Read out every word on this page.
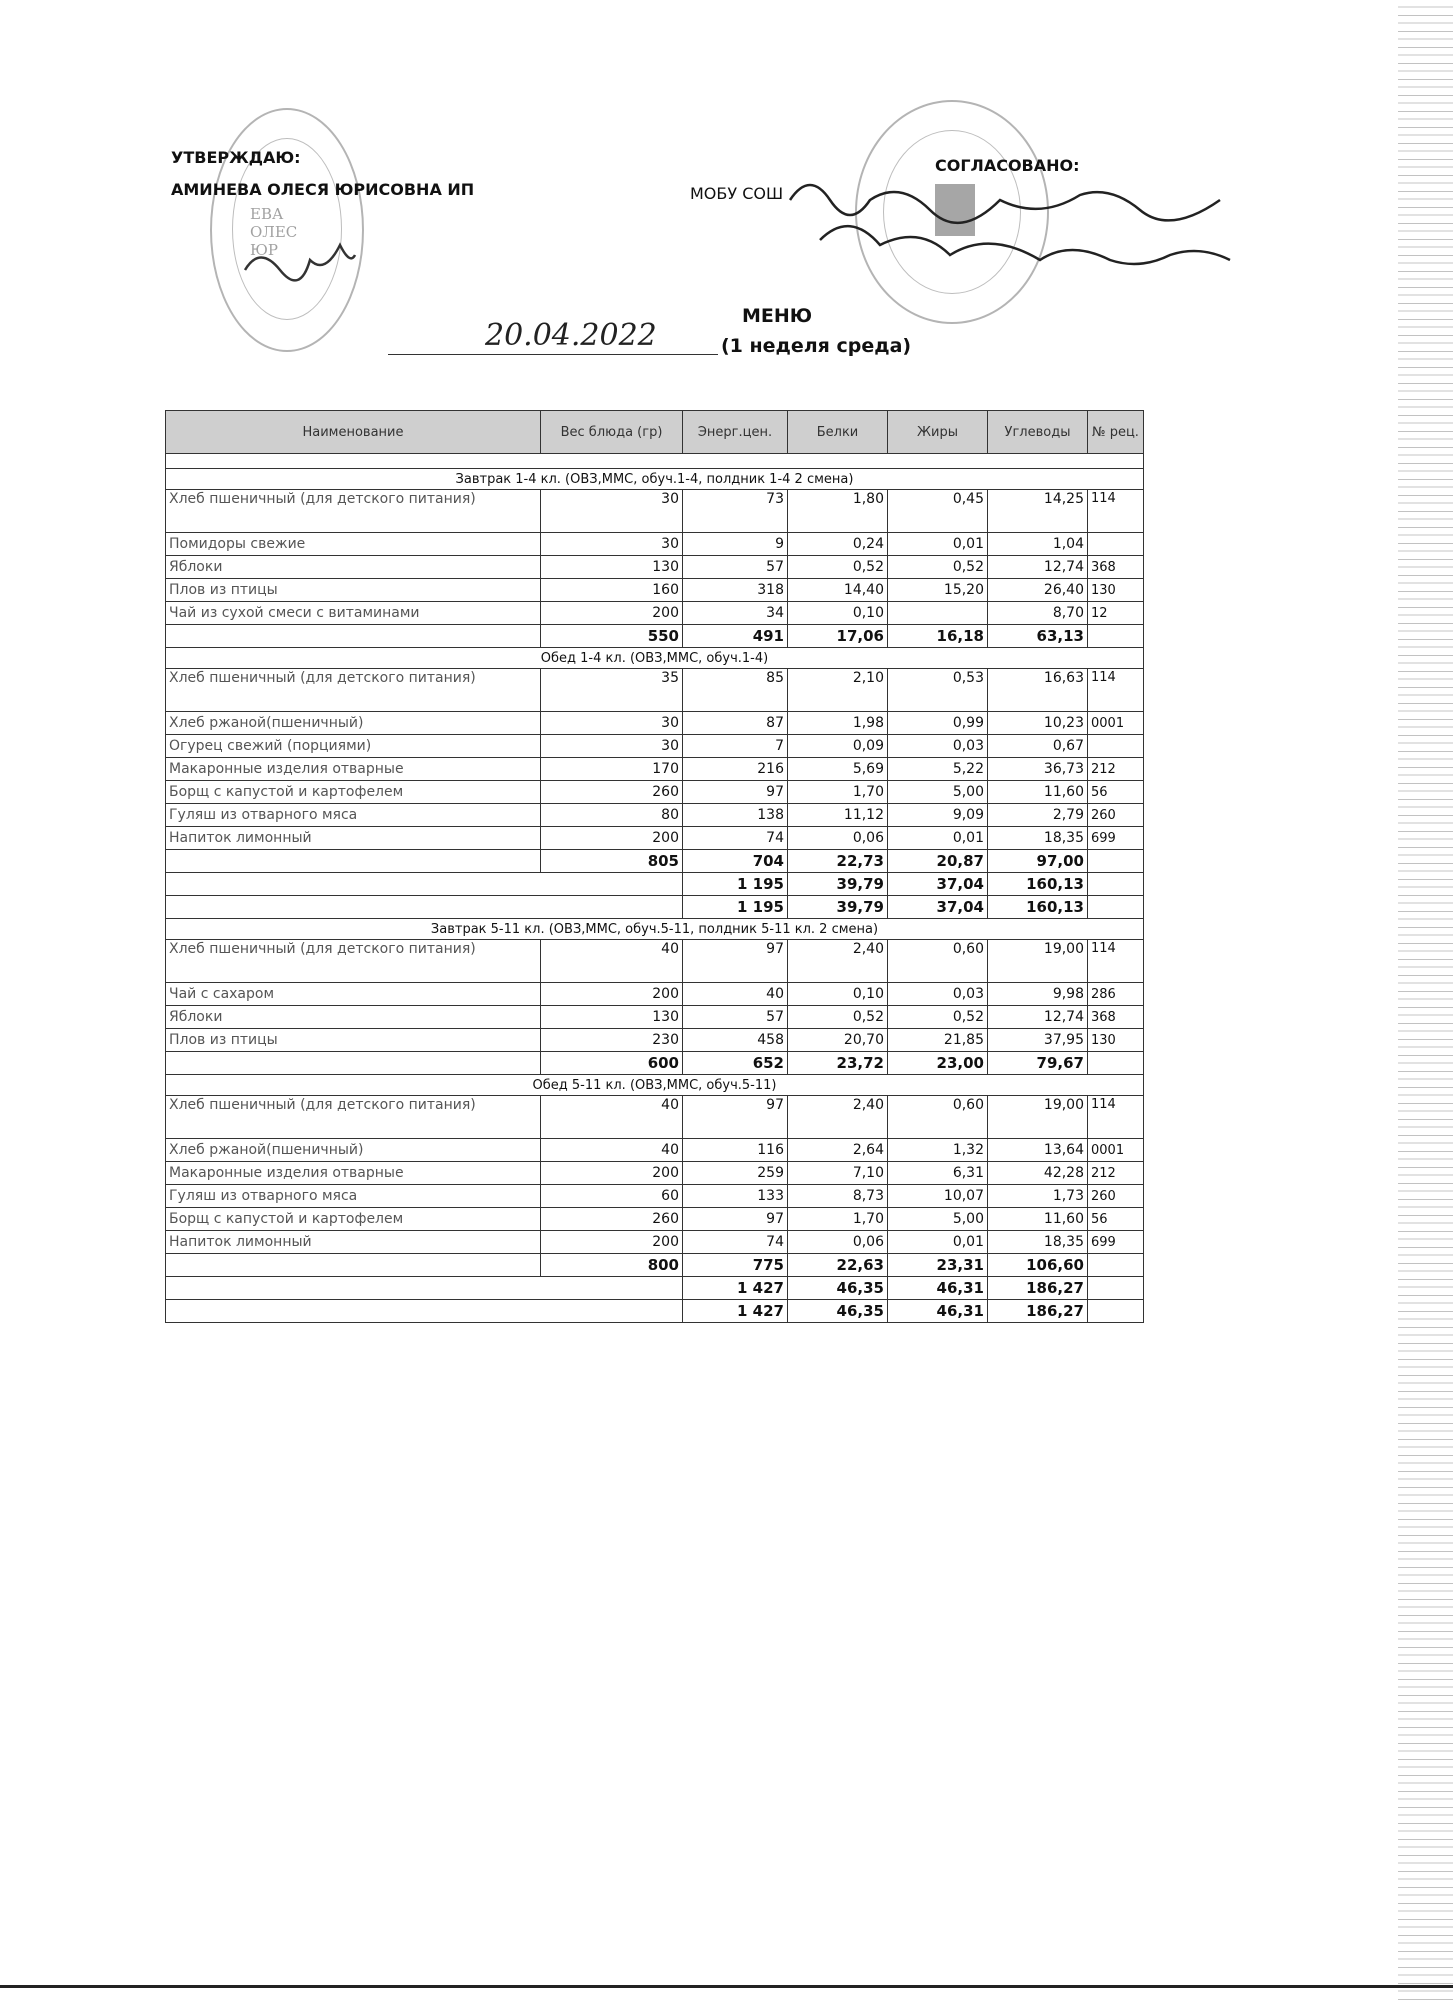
ЕВА
ОЛЕС
ЮР
УТВЕРЖДАЮ:
АМИНЕВА ОЛЕСЯ ЮРИСОВНА ИП	МОБУ СОШ
СОГЛАСОВАНО:
20.04.2022
МЕНЮ
(1 неделя среда)
Наименование	Вес блюда (гр)	Энерг.цен.	Белки	Жиры	Углеводы	№ рец.

Завтрак 1-4 кл. (ОВЗ,ММС, обуч.1-4, полдник 1-4 2 смена)						
Хлеб пшеничный (для детского питания)	30	73	1,80	0,45	14,25	114
Помидоры свежие	30	9	0,24	0,01	1,04	
Яблоки	130	57	0,52	0,52	12,74	368
Плов из птицы	160	318	14,40	15,20	26,40	130
Чай из сухой смеси с витаминами	200	34	0,10		8,70	12
	550	491	17,06	16,18	63,13	
Обед 1-4 кл. (ОВЗ,ММС, обуч.1-4)						
Хлеб пшеничный (для детского питания)	35	85	2,10	0,53	16,63	114
Хлеб ржаной(пшеничный)	30	87	1,98	0,99	10,23	0001
Огурец свежий (порциями)	30	7	0,09	0,03	0,67	
Макаронные изделия отварные	170	216	5,69	5,22	36,73	212
Борщ с капустой и картофелем	260	97	1,70	5,00	11,60	56
Гуляш из отварного мяса	80	138	11,12	9,09	2,79	260
Напиток лимонный	200	74	0,06	0,01	18,35	699
	805	704	22,73	20,87	97,00	
		1 195	39,79	37,04	160,13	
		1 195	39,79	37,04	160,13	
Завтрак 5-11 кл. (ОВЗ,ММС, обуч.5-11, полдник 5-11 кл. 2 смена)						
Хлеб пшеничный (для детского питания)	40	97	2,40	0,60	19,00	114
Чай с сахаром	200	40	0,10	0,03	9,98	286
Яблоки	130	57	0,52	0,52	12,74	368
Плов из птицы	230	458	20,70	21,85	37,95	130
	600	652	23,72	23,00	79,67	
Обед 5-11 кл. (ОВЗ,ММС, обуч.5-11)						
Хлеб пшеничный (для детского питания)	40	97	2,40	0,60	19,00	114
Хлеб ржаной(пшеничный)	40	116	2,64	1,32	13,64	0001
Макаронные изделия отварные	200	259	7,10	6,31	42,28	212
Гуляш из отварного мяса	60	133	8,73	10,07	1,73	260
Борщ с капустой и картофелем	260	97	1,70	5,00	11,60	56
Напиток лимонный	200	74	0,06	0,01	18,35	699
	800	775	22,63	23,31	106,60	
		1 427	46,35	46,31	186,27	
		1 427	46,35	46,31	186,27	
